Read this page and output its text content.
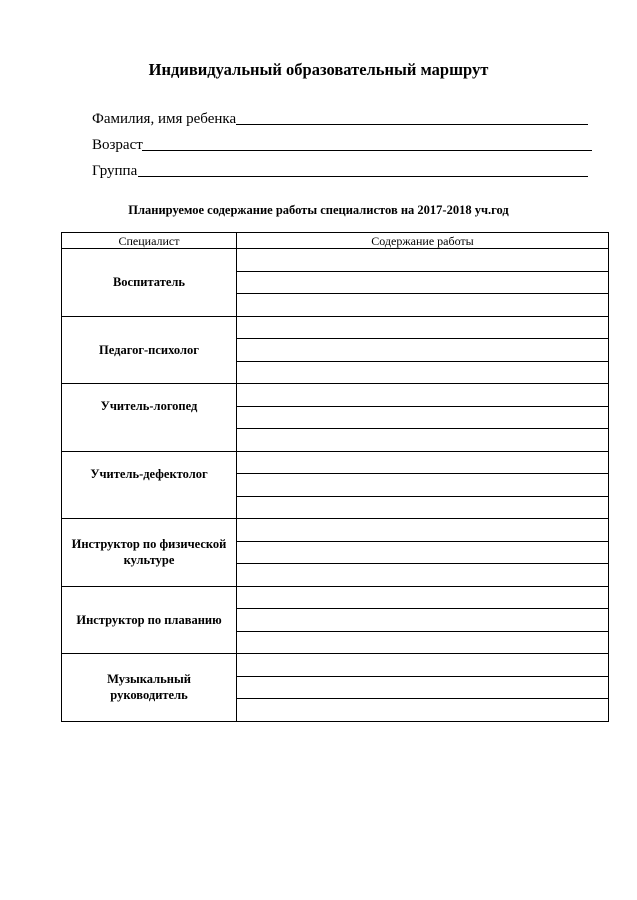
Индивидуальный образовательный маршрут
Фамилия, имя ребенка
Возраст
Группа
Планируемое содержание работы специалистов на 2017-2018 уч.год
Специалист	Содержание работы
Воспитатель	

Педагог-психолог	

Учитель-логопед	

Учитель-дефектолог	

Инструктор по физической культуре	

Инструктор по плаванию	

Музыкальный руководитель	
